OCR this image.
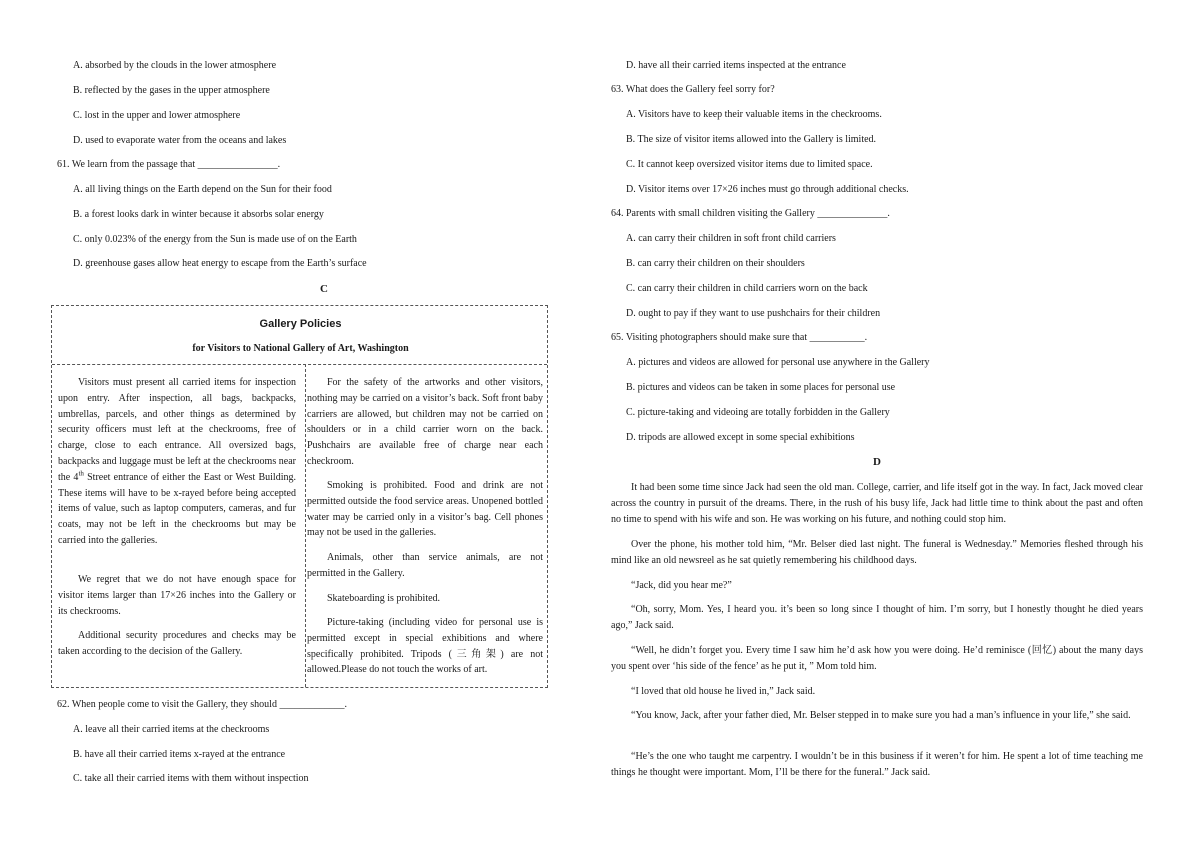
A. absorbed by the clouds in the lower atmosphere
B. reflected by the gases in the upper atmosphere
C. lost in the upper and lower atmosphere
D. used to evaporate water from the oceans and lakes
61. We learn from the passage that ________________.
A. all living things on the Earth depend on the Sun for their food
B. a forest looks dark in winter because it absorbs solar energy
C. only 0.023% of the energy from the Sun is made use of on the Earth
D. greenhouse gases allow heat energy to escape from the Earth’s surface
C
Gallery Policies
for Visitors to National Gallery of Art, Washington
Visitors must present all carried items for inspection upon entry. After inspection, all bags, backpacks, umbrellas, parcels, and other things as determined by security officers must left at the checkrooms, free of charge, close to each entrance. All oversized bags, backpacks and luggage must be left at the checkrooms near the 4th Street entrance of either the East or West Building. These items will have to be x-rayed before being accepted items of value, such as laptop computers, cameras, and fur coats, may not be left in the checkrooms but may be carried into the galleries.
We regret that we do not have enough space for visitor items larger than 17×26 inches into the Gallery or its checkrooms.
Additional security procedures and checks may be taken according to the decision of the Gallery.
For the safety of the artworks and other visitors, nothing may be carried on a visitor’s back. Soft front baby carriers are allowed, but children may not be carried on shoulders or in a child carrier worn on the back. Pushchairs are available free of charge near each checkroom.
Smoking is prohibited. Food and drink are not permitted outside the food service areas. Unopened bottled water may be carried only in a visitor’s bag. Cell phones may not be used in the galleries.
Animals, other than service animals, are not permitted in the Gallery.
Skateboarding is prohibited.
Picture-taking (including video for personal use is permitted except in special exhibitions and where specifically prohibited. Tripods (三角架) are not allowed.Please do not touch the works of art.
62. When people come to visit the Gallery, they should _____________.
A. leave all their carried items at the checkrooms
B. have all their carried items x-rayed at the entrance
C. take all their carried items with them without inspection
D. have all their carried items inspected at the entrance
63. What does the Gallery feel sorry for?
A. Visitors have to keep their valuable items in the checkrooms.
B. The size of visitor items allowed into the Gallery is limited.
C. It cannot keep oversized visitor items due to limited space.
D. Visitor items over 17×26 inches must go through additional checks.
64. Parents with small children visiting the Gallery ______________.
A. can carry their children in soft front child carriers
B. can carry their children on their shoulders
C. can carry their children in child carriers worn on the back
D. ought to pay if they want to use pushchairs for their children
65. Visiting photographers should make sure that ___________.
A. pictures and videos are allowed for personal use anywhere in the Gallery
B. pictures and videos can be taken in some places for personal use
C. picture-taking and videoing are totally forbidden in the Gallery
D. tripods are allowed except in some special exhibitions
D
It had been some time since Jack had seen the old man. College, carrier, and life itself got in the way. In fact, Jack moved clear across the country in pursuit of the dreams. There, in the rush of his busy life, Jack had little time to think about the past and often no time to spend with his wife and son. He was working on his future, and nothing could stop him.
Over the phone, his mother told him, “Mr. Belser died last night. The funeral is Wednesday.” Memories fleshed through his mind like an old newsreel as he sat quietly remembering his childhood days.
“Jack, did you hear me?”
“Oh, sorry, Mom. Yes, I heard you. it’s been so long since I thought of him. I’m sorry, but I honestly thought he died years ago,” Jack said.
“Well, he didn’t forget you. Every time I saw him he’d ask how you were doing. He’d reminisce (回忆) about the many days you spent over ‘his side of the fence’ as he put it, ” Mom told him.
“I loved that old house he lived in,” Jack said.
“You know, Jack, after your father died, Mr. Belser stepped in to make sure you had a man’s influence in your life,” she said.
“He’s the one who taught me carpentry. I wouldn’t be in this business if it weren’t for him. He spent a lot of time teaching me things he thought were important. Mom, I’ll be there for the funeral.” Jack said.
